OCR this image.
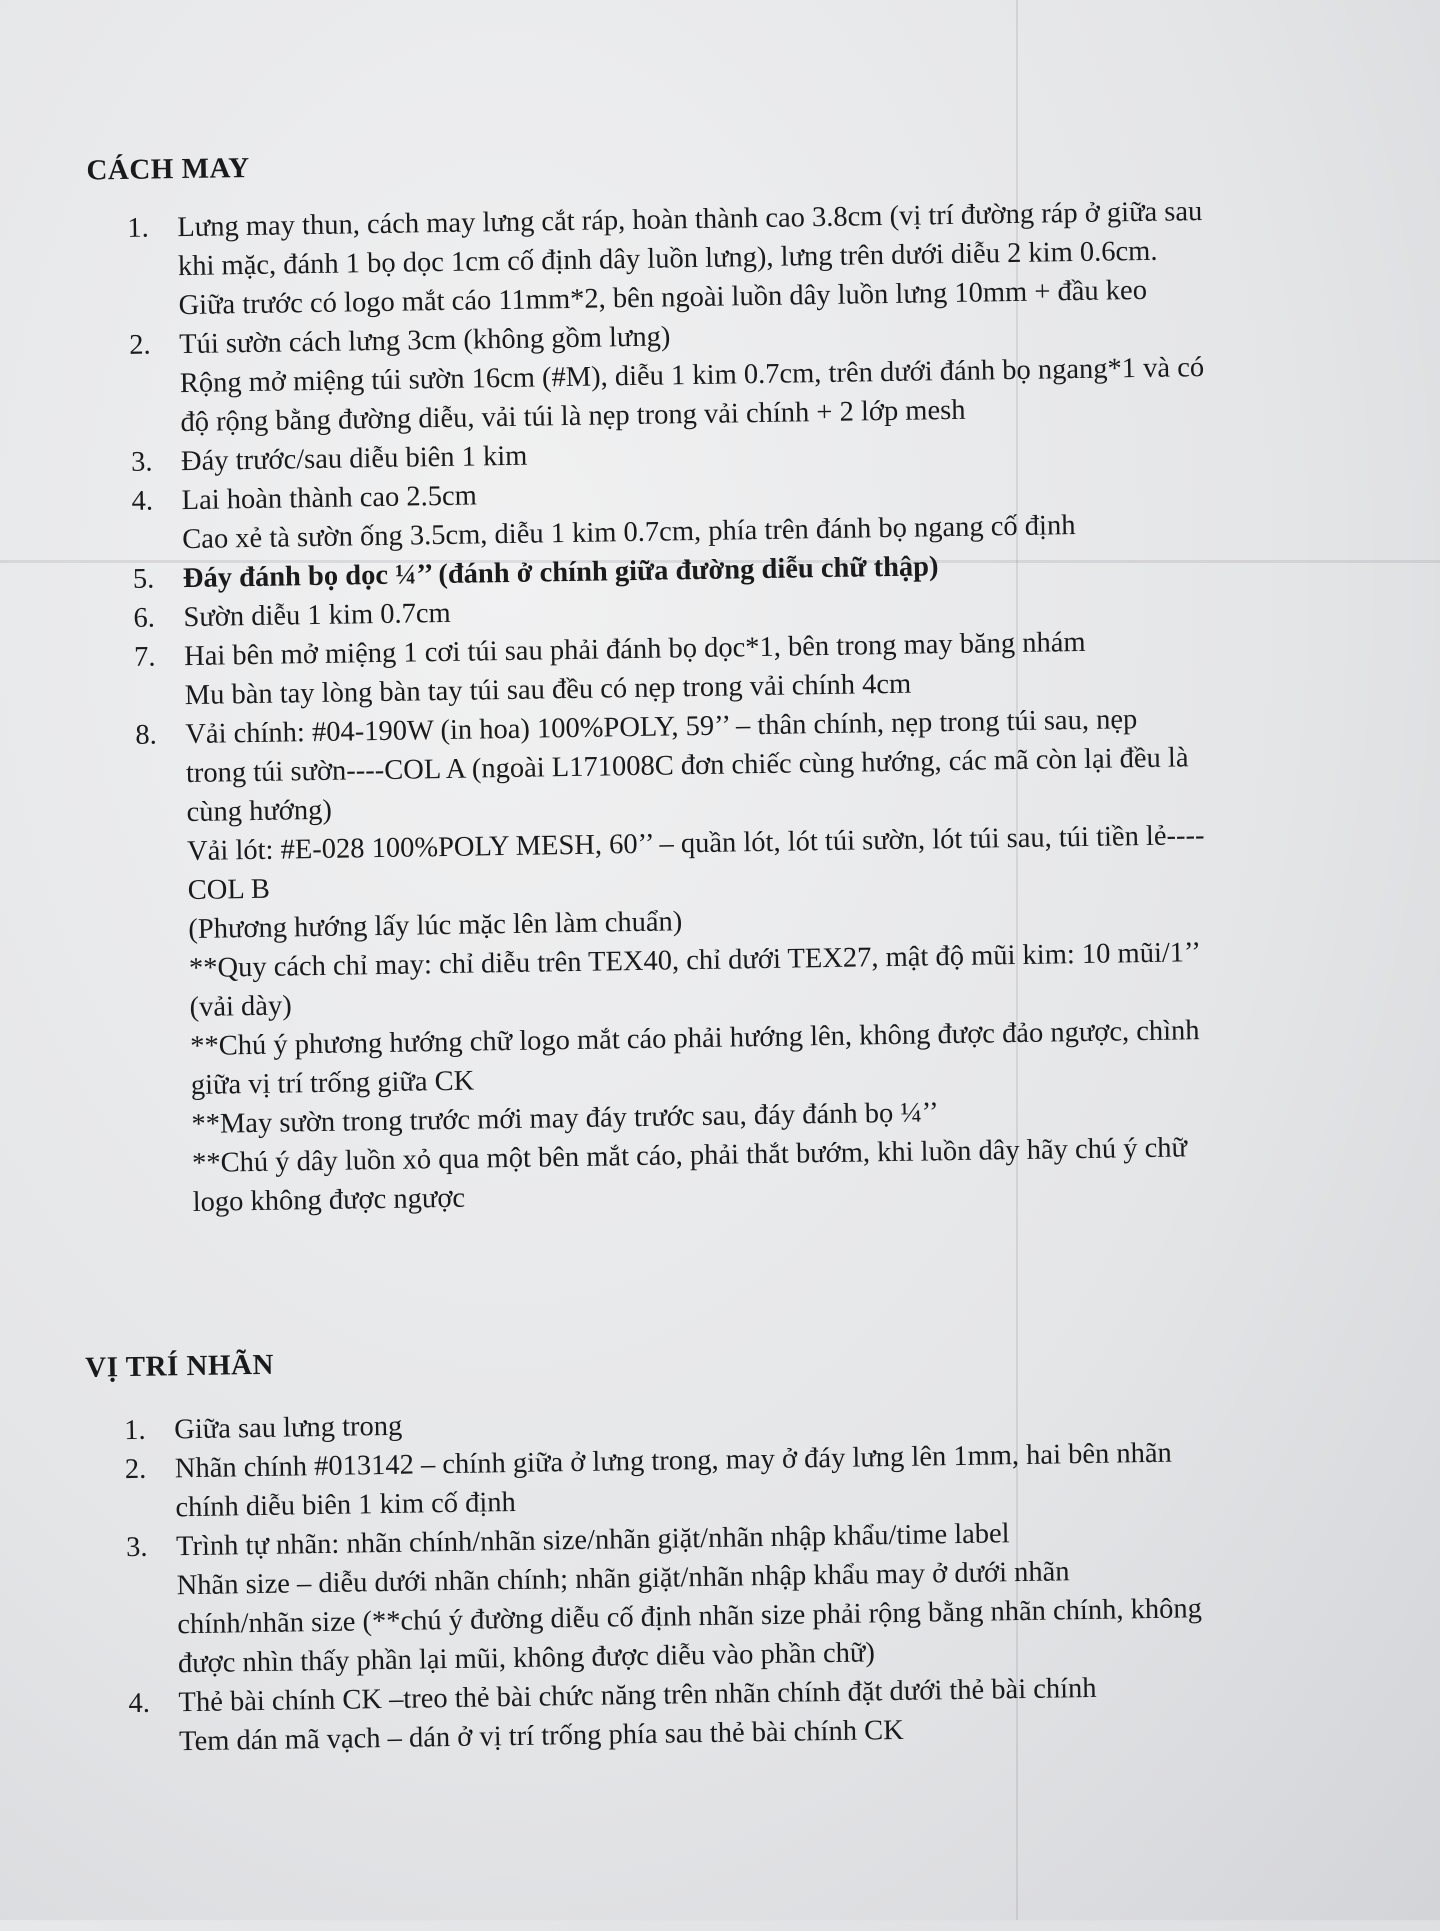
CÁCH MAY
1. Lưng may thun, cách may lưng cắt ráp, hoàn thành cao 3.8cm (vị trí đường ráp ở giữa sau
khi mặc, đánh 1 bọ dọc 1cm cố định dây luồn lưng), lưng trên dưới diễu 2 kim 0.6cm.
Giữa trước có logo mắt cáo 11mm*2, bên ngoài luồn dây luồn lưng 10mm + đầu keo
2. Túi sườn cách lưng 3cm (không gồm lưng)
Rộng mở miệng túi sườn 16cm (#M), diễu 1 kim 0.7cm, trên dưới đánh bọ ngang*1 và có
độ rộng bằng đường diễu, vải túi là nẹp trong vải chính + 2 lớp mesh
3. Đáy trước/sau diễu biên 1 kim
4. Lai hoàn thành cao 2.5cm
Cao xẻ tà sườn ống 3.5cm, diễu 1 kim 0.7cm, phía trên đánh bọ ngang cố định
5. Đáy đánh bọ dọc ¼’’ (đánh ở chính giữa đường diễu chữ thập)
6. Sườn diễu 1 kim 0.7cm
7. Hai bên mở miệng 1 cơi túi sau phải đánh bọ dọc*1, bên trong may băng nhám
Mu bàn tay lòng bàn tay túi sau đều có nẹp trong vải chính 4cm
8. Vải chính: #04-190W (in hoa) 100%POLY, 59’’ – thân chính, nẹp trong túi sau, nẹp
trong túi sườn----COL A (ngoài L171008C đơn chiếc cùng hướng, các mã còn lại đều là
cùng hướng)
Vải lót: #E-028 100%POLY MESH, 60’’ – quần lót, lót túi sườn, lót túi sau, túi tiền lẻ----
COL B
(Phương hướng lấy lúc mặc lên làm chuẩn)
**Quy cách chỉ may: chỉ diễu trên TEX40, chỉ dưới TEX27, mật độ mũi kim: 10 mũi/1’’
(vải dày)
**Chú ý phương hướng chữ logo mắt cáo phải hướng lên, không được đảo ngược, chình
giữa vị trí trống giữa CK
**May sườn trong trước mới may đáy trước sau, đáy đánh bọ ¼’’
**Chú ý dây luồn xỏ qua một bên mắt cáo, phải thắt bướm, khi luồn dây hãy chú ý chữ
logo không được ngược
VỊ TRÍ NHÃN
1. Giữa sau lưng trong
2. Nhãn chính #013142 – chính giữa ở lưng trong, may ở đáy lưng lên 1mm, hai bên nhãn
chính diễu biên 1 kim cố định
3. Trình tự nhãn: nhãn chính/nhãn size/nhãn giặt/nhãn nhập khẩu/time label
Nhãn size – diễu dưới nhãn chính; nhãn giặt/nhãn nhập khẩu may ở dưới nhãn
chính/nhãn size (**chú ý đường diễu cố định nhãn size phải rộng bằng nhãn chính, không
được nhìn thấy phần lại mũi, không được diễu vào phần chữ)
4. Thẻ bài chính CK –treo thẻ bài chức năng trên nhãn chính đặt dưới thẻ bài chính
Tem dán mã vạch – dán ở vị trí trống phía sau thẻ bài chính CK
